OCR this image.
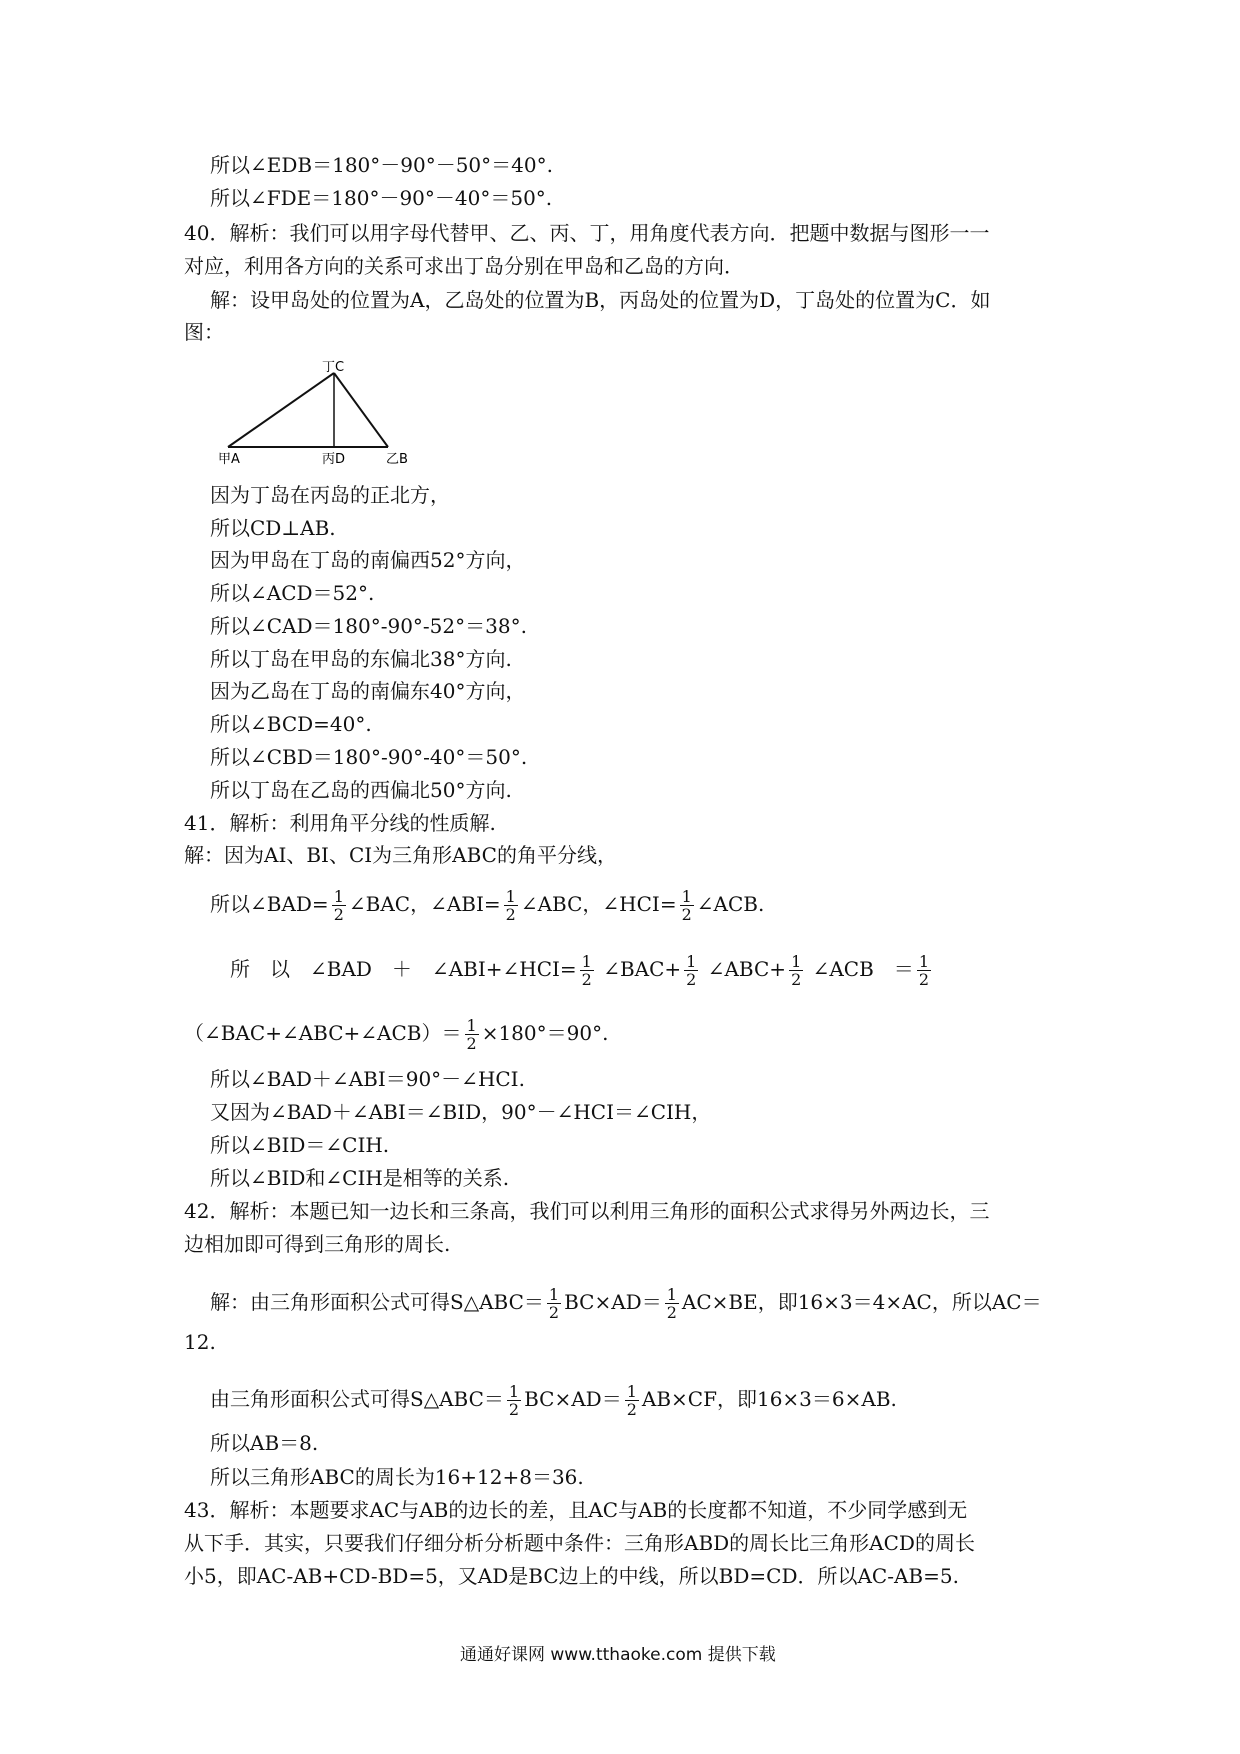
所以∠EDB＝180°－90°－50°＝40°.
所以∠FDE＝180°－90°－40°＝50°.
40．解析：我们可以用字母代替甲、乙、丙、丁，用角度代表方向．把题中数据与图形一一
对应，利用各方向的关系可求出丁岛分别在甲岛和乙岛的方向．
解：设甲岛处的位置为A，乙岛处的位置为B，丙岛处的位置为D，丁岛处的位置为C．如
图：
丁C
甲A	丙D	乙B
因为丁岛在丙岛的正北方，
所以CD⊥AB.
因为甲岛在丁岛的南偏西52°方向，
所以∠ACD＝52°.
所以∠CAD＝180°-90°-52°＝38°.
所以丁岛在甲岛的东偏北38°方向.
因为乙岛在丁岛的南偏东40°方向，
所以∠BCD=40°.
所以∠CBD＝180°-90°-40°＝50°.
所以丁岛在乙岛的西偏北50°方向.
41．解析：利用角平分线的性质解.
解：因为AI、BI、CI为三角形ABC的角平分线，
所以∠BAD= $\frac{1}{2}$ ∠BAC，∠ABI= $\frac{1}{2}$ ∠ABC，∠HCI= $\frac{1}{2}$ ∠ACB.
所　以　∠BAD　＋　∠ABI+∠HCI= $\frac{1}{2}$ ∠BAC+ $\frac{1}{2}$ ∠ABC+ $\frac{1}{2}$ ∠ACB　＝ $\frac{1}{2}$
（∠BAC+∠ABC+∠ACB）＝ $\frac{1}{2} \times 180^\circ=90^\circ$.
所以∠BAD＋∠ABI＝90°－∠HCI.
又因为∠BAD＋∠ABI＝∠BID，90°－∠HCI＝∠CIH，
所以∠BID＝∠CIH.
所以∠BID和∠CIH是相等的关系.
42．解析：本题已知一边长和三条高，我们可以利用三角形的面积公式求得另外两边长，三
边相加即可得到三角形的周长.
解：由三角形面积公式可得S△ABC＝ $\frac{1}{2} BC\times AD= \frac{1}{2} AC\times BE$，即16×3＝4×AC，所以AC＝
12.
由三角形面积公式可得S△ABC＝ $\frac{1}{2} BC\times AD= \frac{1}{2} AB\times CF$，即16×3＝6×AB.
所以AB＝8.
所以三角形ABC的周长为16+12+8＝36.
43．解析：本题要求AC与AB的边长的差，且AC与AB的长度都不知道，不少同学感到无
从下手．其实，只要我们仔细分析分析题中条件：三角形ABD的周长比三角形ACD的周长
小5，即AC-AB+CD-BD=5，又AD是BC边上的中线，所以BD=CD．所以AC-AB=5.
通通好课网 www.tthaoke.com 提供下载
